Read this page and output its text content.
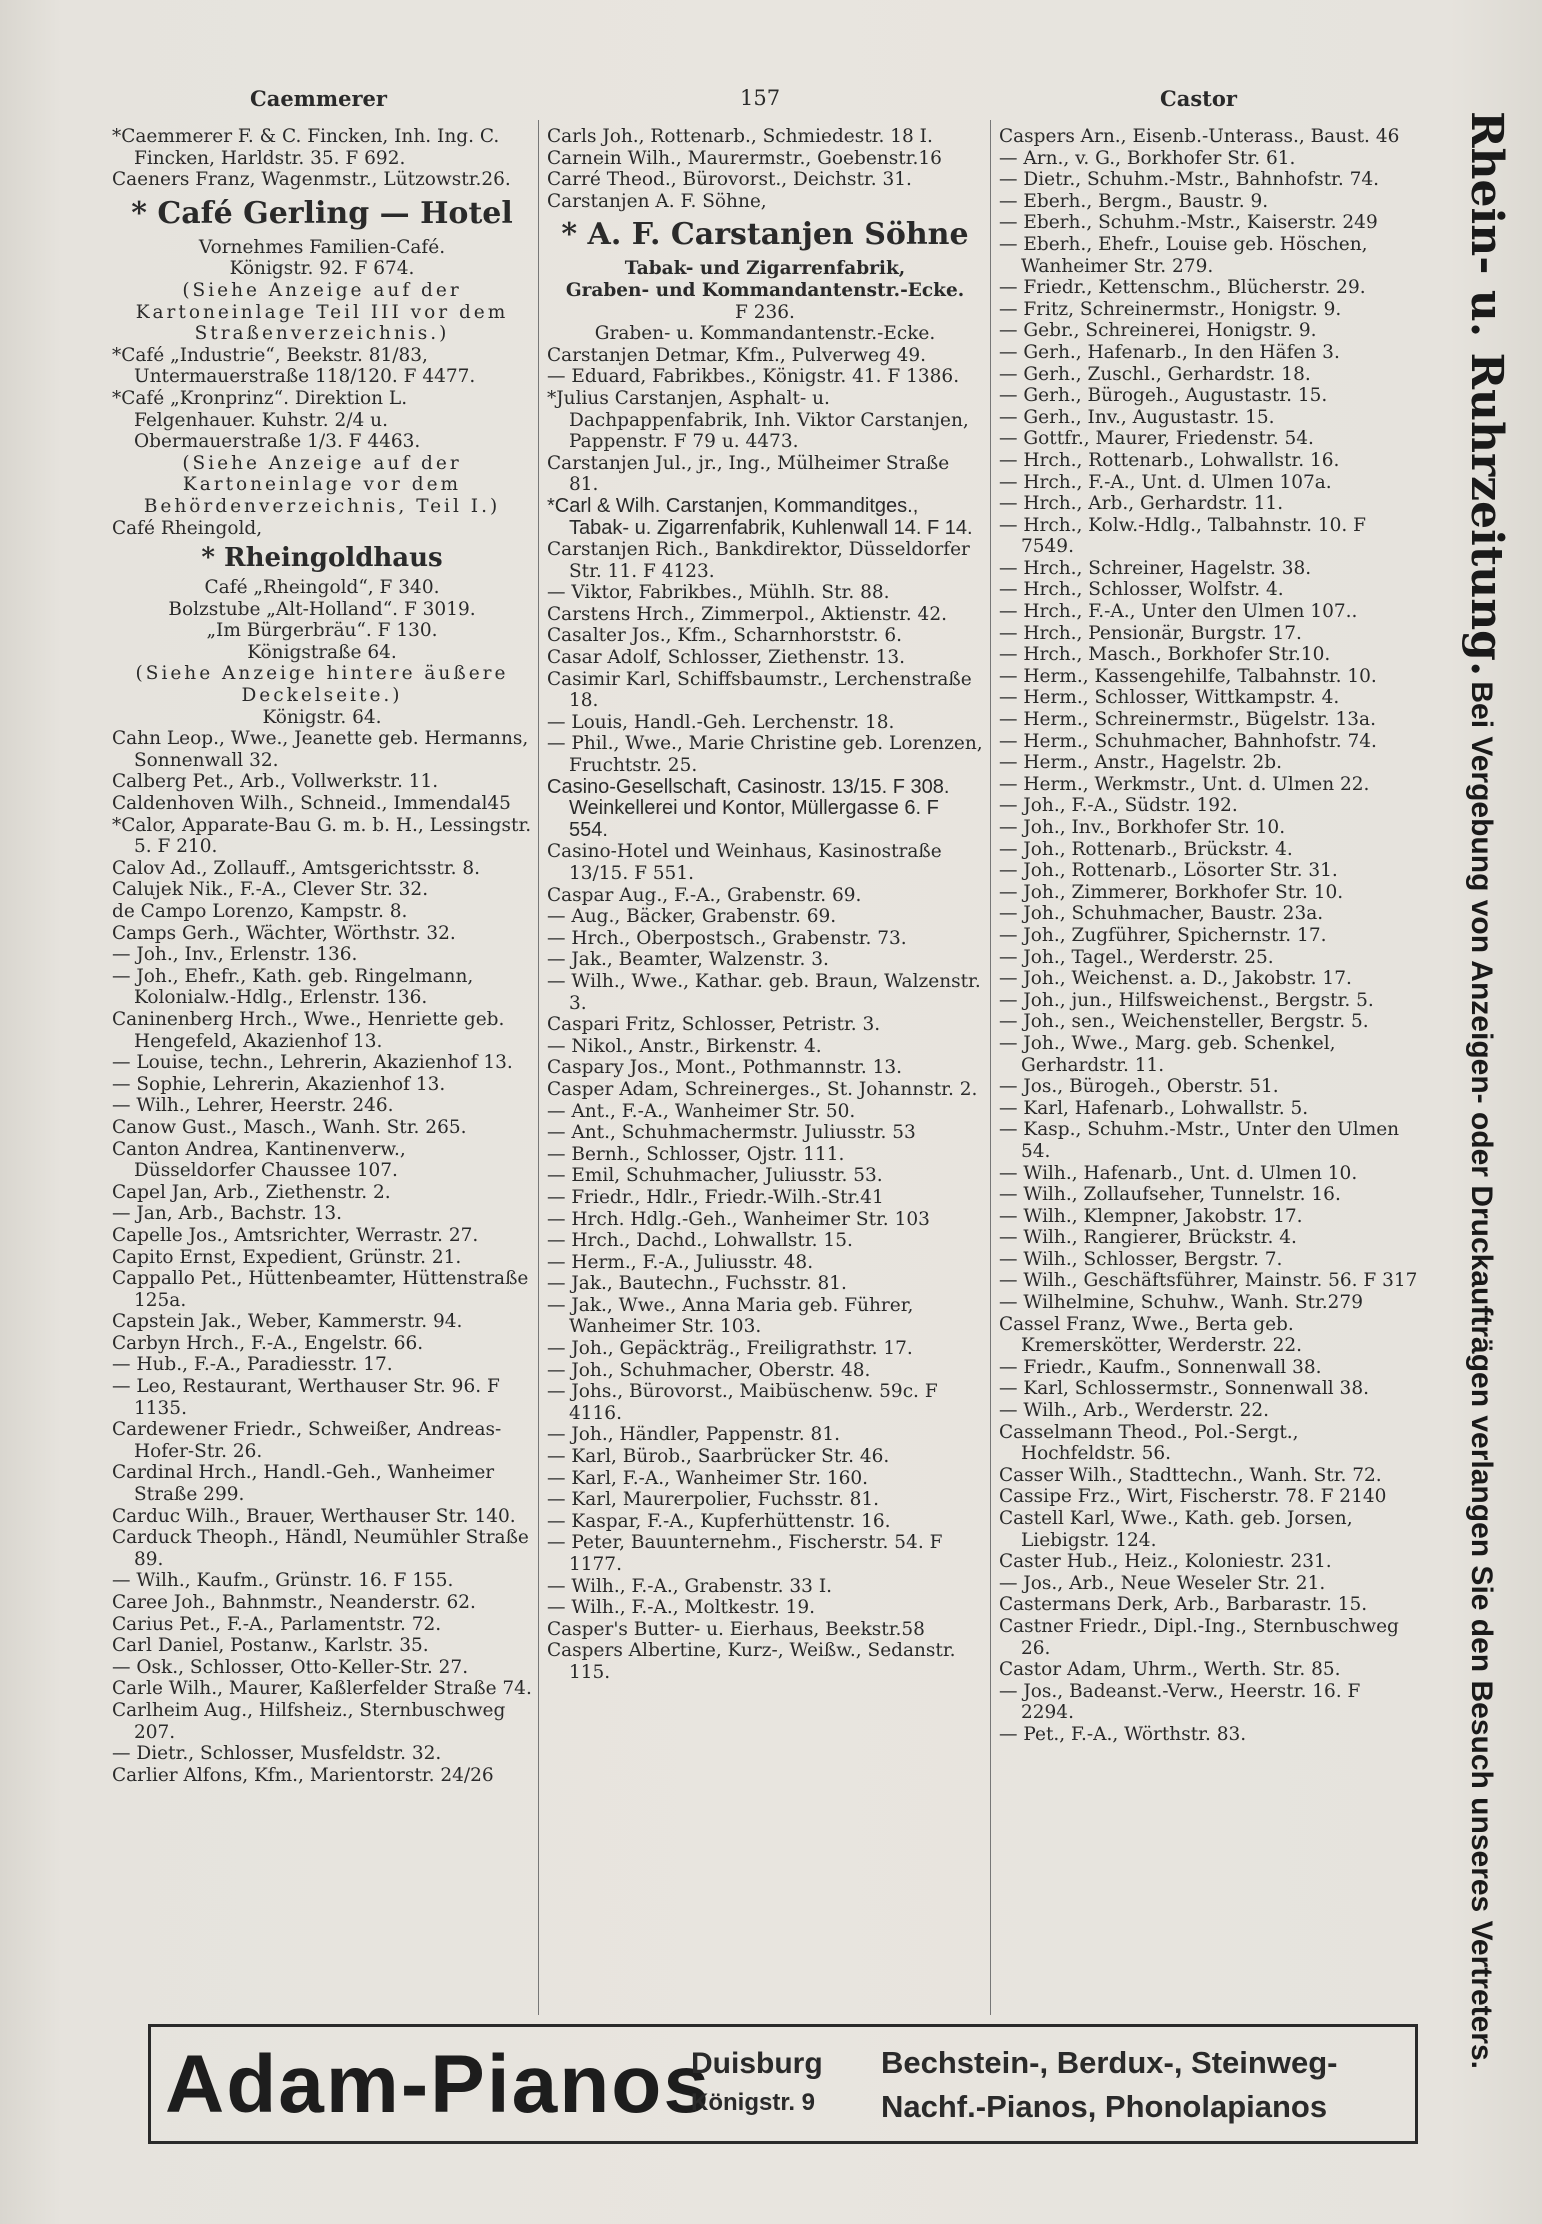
Caemmerer	157	Castor

*Caemmerer F. & C. Fincken, Inh. Ing. C. Fincken, Harldstr. 35. F 692.

Caeners Franz, Wagenmstr., Lützowstr.26.

* Café Gerling — Hotel

Vornehmes Familien-Café.

Königstr. 92. F 674.

(Siehe Anzeige auf der Kartoneinlage Teil III vor dem Straßenverzeichnis.)

*Café „Industrie“, Beekstr. 81/83, Untermauerstraße 118/120. F 4477.

*Café „Kronprinz“. Direktion L. Felgenhauer. Kuhstr. 2/4 u. Obermauerstraße 1/3. F 4463.

(Siehe Anzeige auf der Kartoneinlage vor dem Behördenverzeichnis, Teil I.)

Café Rheingold,

* Rheingoldhaus

Café „Rheingold“, F 340.

Bolzstube „Alt-Holland“. F 3019.

„Im Bürgerbräu“. F 130.

Königstraße 64.

(Siehe Anzeige hintere äußere Deckelseite.)

Königstr. 64.

Cahn Leop., Wwe., Jeanette geb. Hermanns, Sonnenwall 32.

Calberg Pet., Arb., Vollwerkstr. 11.

Caldenhoven Wilh., Schneid., Immendal45

*Calor, Apparate-Bau G. m. b. H., Lessingstr. 5. F 210.

Calov Ad., Zollauff., Amtsgerichtsstr. 8.

Calujek Nik., F.-A., Clever Str. 32.

de Campo Lorenzo, Kampstr. 8.

Camps Gerh., Wächter, Wörthstr. 32.

— Joh., Inv., Erlenstr. 136.

— Joh., Ehefr., Kath. geb. Ringelmann, Kolonialw.-Hdlg., Erlenstr. 136.

Caninenberg Hrch., Wwe., Henriette geb. Hengefeld, Akazienhof 13.

— Louise, techn., Lehrerin, Akazienhof 13.

— Sophie, Lehrerin, Akazienhof 13.

— Wilh., Lehrer, Heerstr. 246.

Canow Gust., Masch., Wanh. Str. 265.

Canton Andrea, Kantinenverw., Düsseldorfer Chaussee 107.

Capel Jan, Arb., Ziethenstr. 2.

— Jan, Arb., Bachstr. 13.

Capelle Jos., Amtsrichter, Werrastr. 27.

Capito Ernst, Expedient, Grünstr. 21.

Cappallo Pet., Hüttenbeamter, Hüttenstraße 125a.

Capstein Jak., Weber, Kammerstr. 94.

Carbyn Hrch., F.-A., Engelstr. 66.

— Hub., F.-A., Paradiesstr. 17.

— Leo, Restaurant, Werthauser Str. 96. F 1135.

Cardewener Friedr., Schweißer, Andreas-Hofer-Str. 26.

Cardinal Hrch., Handl.-Geh., Wanheimer Straße 299.

Carduc Wilh., Brauer, Werthauser Str. 140.

Carduck Theoph., Händl, Neumühler Straße 89.

— Wilh., Kaufm., Grünstr. 16. F 155.

Caree Joh., Bahnmstr., Neanderstr. 62.

Carius Pet., F.-A., Parlamentstr. 72.

Carl Daniel, Postanw., Karlstr. 35.

— Osk., Schlosser, Otto-Keller-Str. 27.

Carle Wilh., Maurer, Kaßlerfelder Straße 74.

Carlheim Aug., Hilfsheiz., Sternbuschweg 207.

— Dietr., Schlosser, Musfeldstr. 32.

Carlier Alfons, Kfm., Marientorstr. 24/26

Carls Joh., Rottenarb., Schmiedestr. 18 I.

Carnein Wilh., Maurermstr., Goebenstr.16

Carré Theod., Bürovorst., Deichstr. 31.

Carstanjen A. F. Söhne,

* A. F. Carstanjen Söhne

Tabak- und Zigarrenfabrik,

Graben- und Kommandantenstr.-Ecke.

F 236.

Graben- u. Kommandantenstr.-Ecke.

Carstanjen Detmar, Kfm., Pulverweg 49.

— Eduard, Fabrikbes., Königstr. 41. F 1386.

*Julius Carstanjen, Asphalt- u. Dachpappenfabrik, Inh. Viktor Carstanjen, Pappenstr. F 79 u. 4473.

Carstanjen Jul., jr., Ing., Mülheimer Straße 81.

*Carl & Wilh. Carstanjen, Kommanditges., Tabak- u. Zigarrenfabrik, Kuhlenwall 14. F 14.

Carstanjen Rich., Bankdirektor, Düsseldorfer Str. 11. F 4123.

— Viktor, Fabrikbes., Mühlh. Str. 88.

Carstens Hrch., Zimmerpol., Aktienstr. 42.

Casalter Jos., Kfm., Scharnhorststr. 6.

Casar Adolf, Schlosser, Ziethenstr. 13.

Casimir Karl, Schiffsbaumstr., Lerchenstraße 18.

— Louis, Handl.-Geh. Lerchenstr. 18.

— Phil., Wwe., Marie Christine geb. Lorenzen, Fruchtstr. 25.

Casino-Gesellschaft, Casinostr. 13/15. F 308. Weinkellerei und Kontor, Müllergasse 6. F 554.

Casino-Hotel und Weinhaus, Kasinostraße 13/15. F 551.

Caspar Aug., F.-A., Grabenstr. 69.

— Aug., Bäcker, Grabenstr. 69.

— Hrch., Oberpostsch., Grabenstr. 73.

— Jak., Beamter, Walzenstr. 3.

— Wilh., Wwe., Kathar. geb. Braun, Walzenstr. 3.

Caspari Fritz, Schlosser, Petristr. 3.

— Nikol., Anstr., Birkenstr. 4.

Caspary Jos., Mont., Pothmannstr. 13.

Casper Adam, Schreinerges., St. Johannstr. 2.

— Ant., F.-A., Wanheimer Str. 50.

— Ant., Schuhmachermstr. Juliusstr. 53

— Bernh., Schlosser, Ojstr. 111.

— Emil, Schuhmacher, Juliusstr. 53.

— Friedr., Hdlr., Friedr.-Wilh.-Str.41

— Hrch. Hdlg.-Geh., Wanheimer Str. 103

— Hrch., Dachd., Lohwallstr. 15.

— Herm., F.-A., Juliusstr. 48.

— Jak., Bautechn., Fuchsstr. 81.

— Jak., Wwe., Anna Maria geb. Führer, Wanheimer Str. 103.

— Joh., Gepäckträg., Freiligrathstr. 17.

— Joh., Schuhmacher, Oberstr. 48.

— Johs., Bürovorst., Maibüschenw. 59c. F 4116.

— Joh., Händler, Pappenstr. 81.

— Karl, Bürob., Saarbrücker Str. 46.

— Karl, F.-A., Wanheimer Str. 160.

— Karl, Maurerpolier, Fuchsstr. 81.

— Kaspar, F.-A., Kupferhüttenstr. 16.

— Peter, Bauunternehm., Fischerstr. 54. F 1177.

— Wilh., F.-A., Grabenstr. 33 I.

— Wilh., F.-A., Moltkestr. 19.

Casper's Butter- u. Eierhaus, Beekstr.58

Caspers Albertine, Kurz-, Weißw., Sedanstr. 115.

Caspers Arn., Eisenb.-Unterass., Baust. 46

— Arn., v. G., Borkhofer Str. 61.

— Dietr., Schuhm.-Mstr., Bahnhofstr. 74.

— Eberh., Bergm., Baustr. 9.

— Eberh., Schuhm.-Mstr., Kaiserstr. 249

— Eberh., Ehefr., Louise geb. Höschen, Wanheimer Str. 279.

— Friedr., Kettenschm., Blücherstr. 29.

— Fritz, Schreinermstr., Honigstr. 9.

— Gebr., Schreinerei, Honigstr. 9.

— Gerh., Hafenarb., In den Häfen 3.

— Gerh., Zuschl., Gerhardstr. 18.

— Gerh., Bürogeh., Augustastr. 15.

— Gerh., Inv., Augustastr. 15.

— Gottfr., Maurer, Friedenstr. 54.

— Hrch., Rottenarb., Lohwallstr. 16.

— Hrch., F.-A., Unt. d. Ulmen 107a.

— Hrch., Arb., Gerhardstr. 11.

— Hrch., Kolw.-Hdlg., Talbahnstr. 10. F 7549.

— Hrch., Schreiner, Hagelstr. 38.

— Hrch., Schlosser, Wolfstr. 4.

— Hrch., F.-A., Unter den Ulmen 107..

— Hrch., Pensionär, Burgstr. 17.

— Hrch., Masch., Borkhofer Str.10.

— Herm., Kassengehilfe, Talbahnstr. 10.

— Herm., Schlosser, Wittkampstr. 4.

— Herm., Schreinermstr., Bügelstr. 13a.

— Herm., Schuhmacher, Bahnhofstr. 74.

— Herm., Anstr., Hagelstr. 2b.

— Herm., Werkmstr., Unt. d. Ulmen 22.

— Joh., F.-A., Südstr. 192.

— Joh., Inv., Borkhofer Str. 10.

— Joh., Rottenarb., Brückstr. 4.

— Joh., Rottenarb., Lösorter Str. 31.

— Joh., Zimmerer, Borkhofer Str. 10.

— Joh., Schuhmacher, Baustr. 23a.

— Joh., Zugführer, Spichernstr. 17.

— Joh., Tagel., Werderstr. 25.

— Joh., Weichenst. a. D., Jakobstr. 17.

— Joh., jun., Hilfsweichenst., Bergstr. 5.

— Joh., sen., Weichensteller, Bergstr. 5.

— Joh., Wwe., Marg. geb. Schenkel, Gerhardstr. 11.

— Jos., Bürogeh., Oberstr. 51.

— Karl, Hafenarb., Lohwallstr. 5.

— Kasp., Schuhm.-Mstr., Unter den Ulmen 54.

— Wilh., Hafenarb., Unt. d. Ulmen 10.

— Wilh., Zollaufseher, Tunnelstr. 16.

— Wilh., Klempner, Jakobstr. 17.

— Wilh., Rangierer, Brückstr. 4.

— Wilh., Schlosser, Bergstr. 7.

— Wilh., Geschäftsführer, Mainstr. 56. F 317

— Wilhelmine, Schuhw., Wanh. Str.279

Cassel Franz, Wwe., Berta geb. Kremerskötter, Werderstr. 22.

— Friedr., Kaufm., Sonnenwall 38.

— Karl, Schlossermstr., Sonnenwall 38.

— Wilh., Arb., Werderstr. 22.

Casselmann Theod., Pol.-Sergt., Hochfeldstr. 56.

Casser Wilh., Stadttechn., Wanh. Str. 72.

Cassipe Frz., Wirt, Fischerstr. 78. F 2140

Castell Karl, Wwe., Kath. geb. Jorsen, Liebigstr. 124.

Caster Hub., Heiz., Koloniestr. 231.

— Jos., Arb., Neue Weseler Str. 21.

Castermans Derk, Arb., Barbarastr. 15.

Castner Friedr., Dipl.-Ing., Sternbuschweg 26.

Castor Adam, Uhrm., Werth. Str. 85.

— Jos., Badeanst.-Verw., Heerstr. 16. F 2294.

— Pet., F.-A., Wörthstr. 83.

Rhein- u. Ruhrzeitung. Bei Vergebung von Anzeigen- oder Druckaufträgen verlangen Sie den Besuch unseres Vertreters.
Adam-Pianos
Duisburg
Königstr. 9
Bechstein-, Berdux-, Steinweg-
Nachf.-Pianos, Phonolapianos
